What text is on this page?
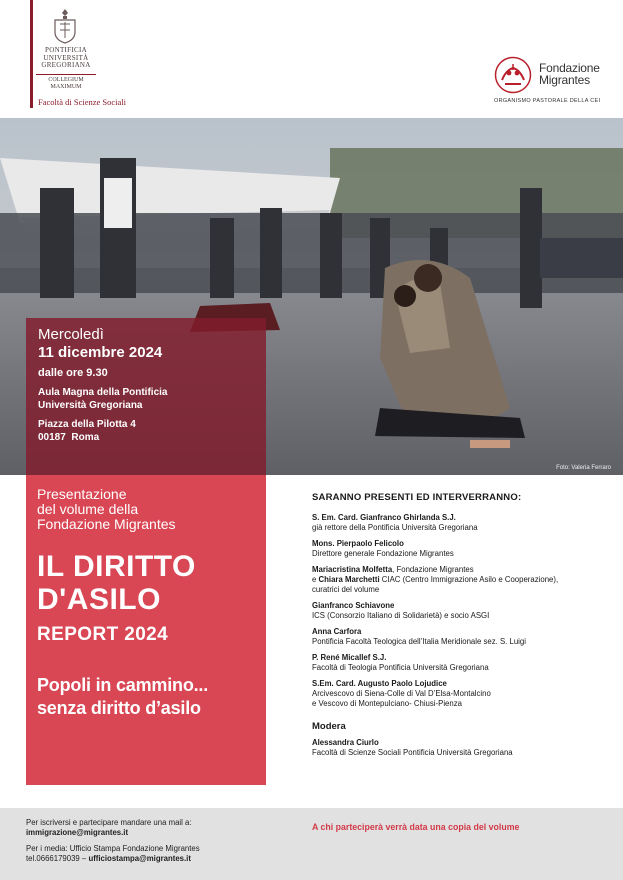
PONTIFICIA
UNIVERSITÀ
GREGORIANA
COLLEGIUM
MAXIMUM
Facoltà di Scienze Sociali
Fondazione
Migrantes
ORGANISMO PASTORALE DELLA CEI
Foto: Valeria Ferraro
Mercoledì
11 dicembre 2024
dalle ore 9.30
Aula Magna della Pontificia
Università Gregoriana
Piazza della Pilotta 4
00187  Roma
Presentazione
del volume della
Fondazione Migrantes
IL DIRITTO
D'ASILO
REPORT 2024
Popoli in cammino...
senza diritto d’asilo
SARANNO PRESENTI ED INTERVERRANNO:
S. Em. Card. Gianfranco Ghirlanda S.J.
già rettore della Pontificia Università Gregoriana
Mons. Pierpaolo Felicolo
Direttore generale Fondazione Migrantes
Mariacristina Molfetta, Fondazione Migrantes
e Chiara Marchetti CIAC (Centro Immigrazione Asilo e Cooperazione),
curatrici del volume
Gianfranco Schiavone
ICS (Consorzio Italiano di Solidarietà) e socio ASGI
Anna Carfora
Pontificia Facoltà Teologica dell’Italia Meridionale sez. S. Luigi
P. René Micallef S.J.
Facoltà di Teologia Pontificia Università Gregoriana
S.Em. Card. Augusto Paolo Lojudice
Arcivescovo di Siena-Colle di Val D’Elsa-Montalcino
e Vescovo di Montepulciano- Chiusi-Pienza
Modera
Alessandra Ciurlo
Facoltà di Scienze Sociali Pontificia Università Gregoriana
Per iscriversi e partecipare mandare una mail a:
immigrazione@migrantes.it
Per i media: Ufficio Stampa Fondazione Migrantes
tel.0666179039 – ufficiostampa@migrantes.it
A chi parteciperà verrà data una copia del volume
